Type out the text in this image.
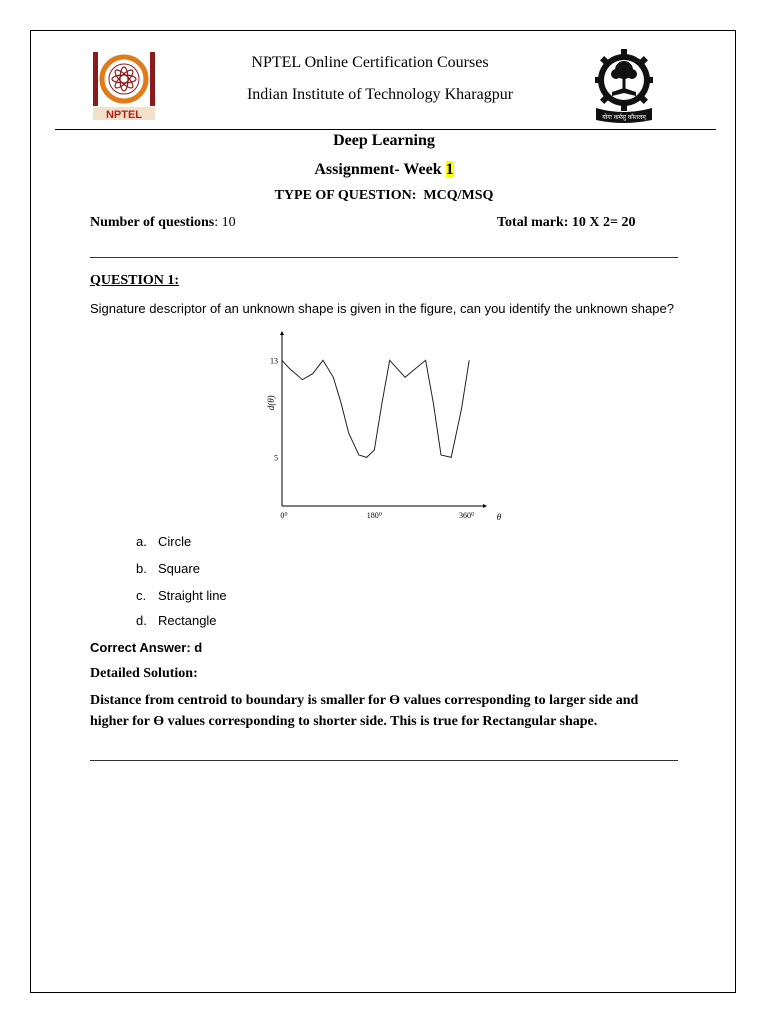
NPTEL
NPTEL Online Certification Courses
Indian Institute of Technology Kharagpur
योगः कर्मसु कौशलम्
Deep Learning
Assignment- Week 1
TYPE OF QUESTION:  MCQ/MSQ
Number of questions: 10	Total mark: 10 X 2= 20
QUESTION 1:
Signature descriptor of an unknown shape is given in the figure, can you identify the unknown shape?
13
5
0⁰	180⁰	360⁰	θ
d(θ)
a. Circle
b. Square
c. Straight line
d. Rectangle
Correct Answer: d
Detailed Solution:
Distance from centroid to boundary is smaller for Ɵ values corresponding to larger side and higher for Ɵ values corresponding to shorter side. This is true for Rectangular shape.
